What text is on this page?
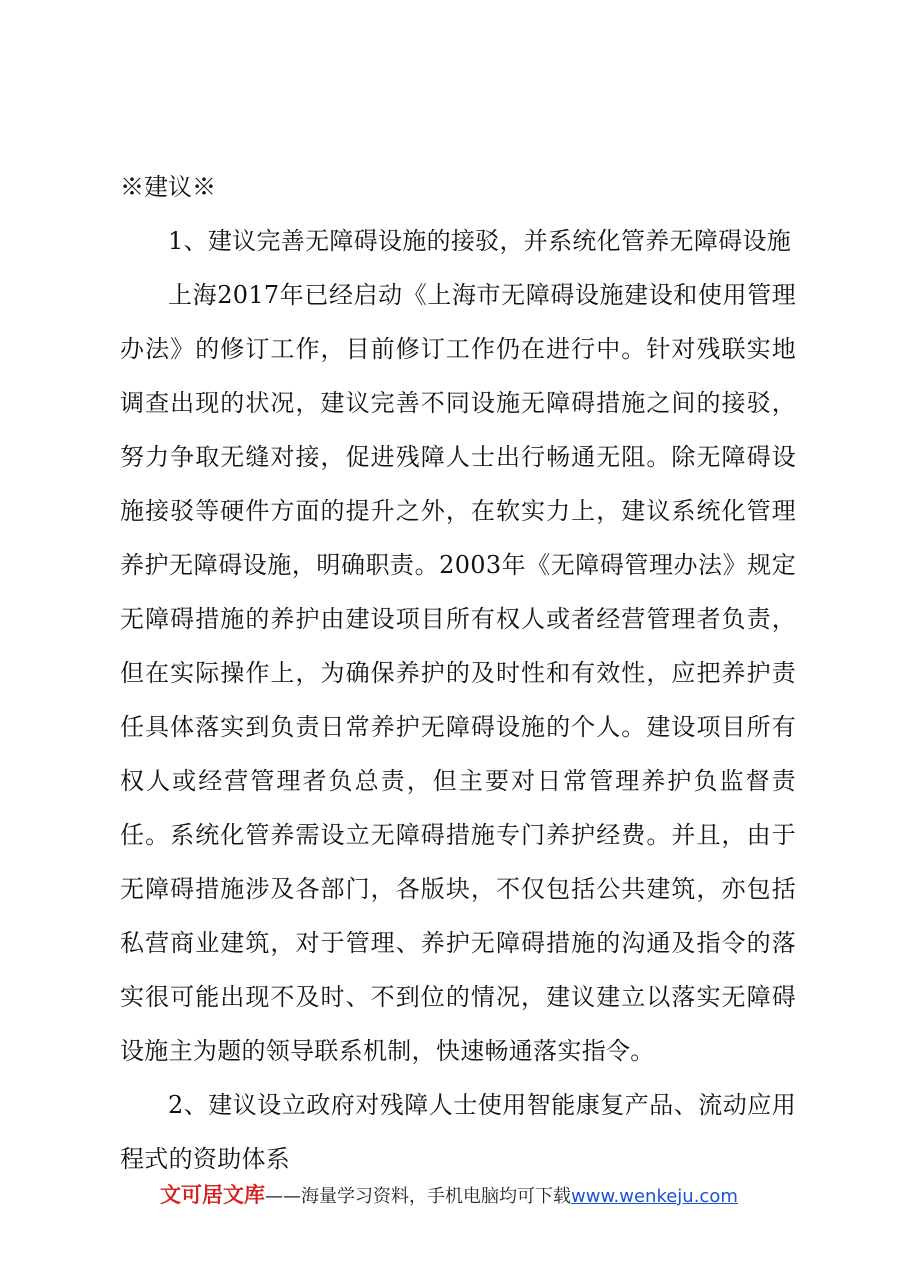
※建议※
1、建议完善无障碍设施的接驳，并系统化管养无障碍设施

上海2017年已经启动《上海市无障碍设施建设和使用管理办法》的修订工作，目前修订工作仍在进行中。针对残联实地调查出现的状况，建议完善不同设施无障碍措施之间的接驳，努力争取无缝对接，促进残障人士出行畅通无阻。除无障碍设施接驳等硬件方面的提升之外，在软实力上，建议系统化管理养护无障碍设施，明确职责。2003年《无障碍管理办法》规定无障碍措施的养护由建设项目所有权人或者经营管理者负责，但在实际操作上，为确保养护的及时性和有效性，应把养护责任具体落实到负责日常养护无障碍设施的个人。建设项目所有权人或经营管理者负总责，但主要对日常管理养护负监督责任。系统化管养需设立无障碍措施专门养护经费。并且，由于无障碍措施涉及各部门，各版块，不仅包括公共建筑，亦包括私营商业建筑，对于管理、养护无障碍措施的沟通及指令的落实很可能出现不及时、不到位的情况，建议建立以落实无障碍设施主为题的领导联系机制，快速畅通落实指令。

2、建议设立政府对残障人士使用智能康复产品、流动应用程式的资助体系
文可居文库——海量学习资料，手机电脑均可下载www.wenkeju.com
